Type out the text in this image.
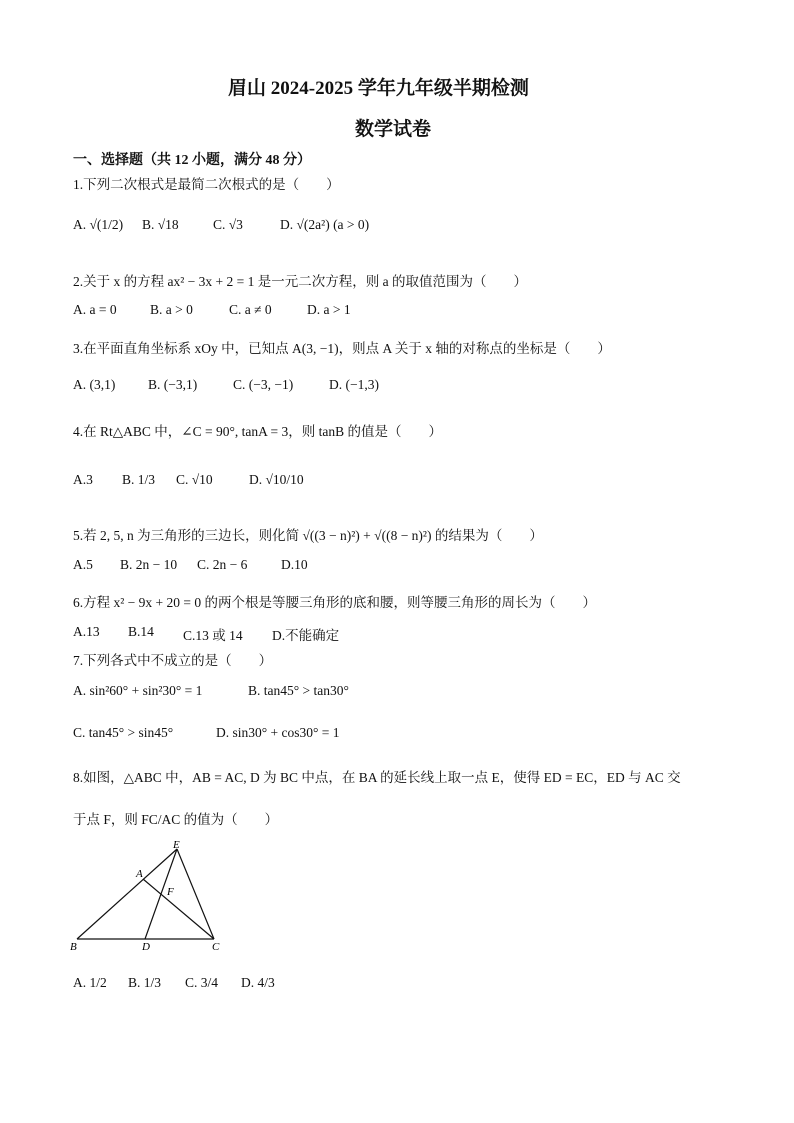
眉山 2024-2025 学年九年级半期检测
数学试卷
一、选择题（共 12 小题，满分 48 分）
1.下列二次根式是最简二次根式的是（　　）
A. √(1/2) B. √18	C. √3	D. √(2a²) (a > 0)
2.关于 x 的方程 ax² − 3x + 2 = 1 是一元二次方程，则 a 的取值范围为（　　）
A. a = 0 B. a > 0	C. a ≠ 0	D. a > 1
3.在平面直角坐标系 xOy 中，已知点 A(3, −1)，则点 A 关于 x 轴的对称点的坐标是（　　）
A. (3,1) B. (−3,1)	C. (−3, −1)	D. (−1,3)
4.在 Rt△ABC 中，∠C = 90°, tanA = 3，则 tanB 的值是（　　）
A.3 B. 1/3 C. √10	D. √10/10
5.若 2, 5, n 为三角形的三边长，则化简 √((3 − n)²) + √((8 − n)²) 的结果为（　　）
A.5 B. 2n − 10 C. 2n − 6 D.10
6.方程 x² − 9x + 20 = 0 的两个根是等腰三角形的底和腰，则等腰三角形的周长为（　　）
A.13 B.14 C.13 或 14 D.不能确定
7.下列各式中不成立的是（　　）
A. sin²60° + sin²30° = 1	B. tan45° > tan30°
C. tan45° > sin45°	D. sin30° + cos30° = 1
8.如图，△ABC 中，AB = AC, D 为 BC 中点，在 BA 的延长线上取一点 E，使得 ED = EC，ED 与 AC 交
于点 F，则 FC/AC 的值为（　　）
E
A
F
B	D	C
A. 1/2 B. 1/3 C. 3/4 D. 4/3
